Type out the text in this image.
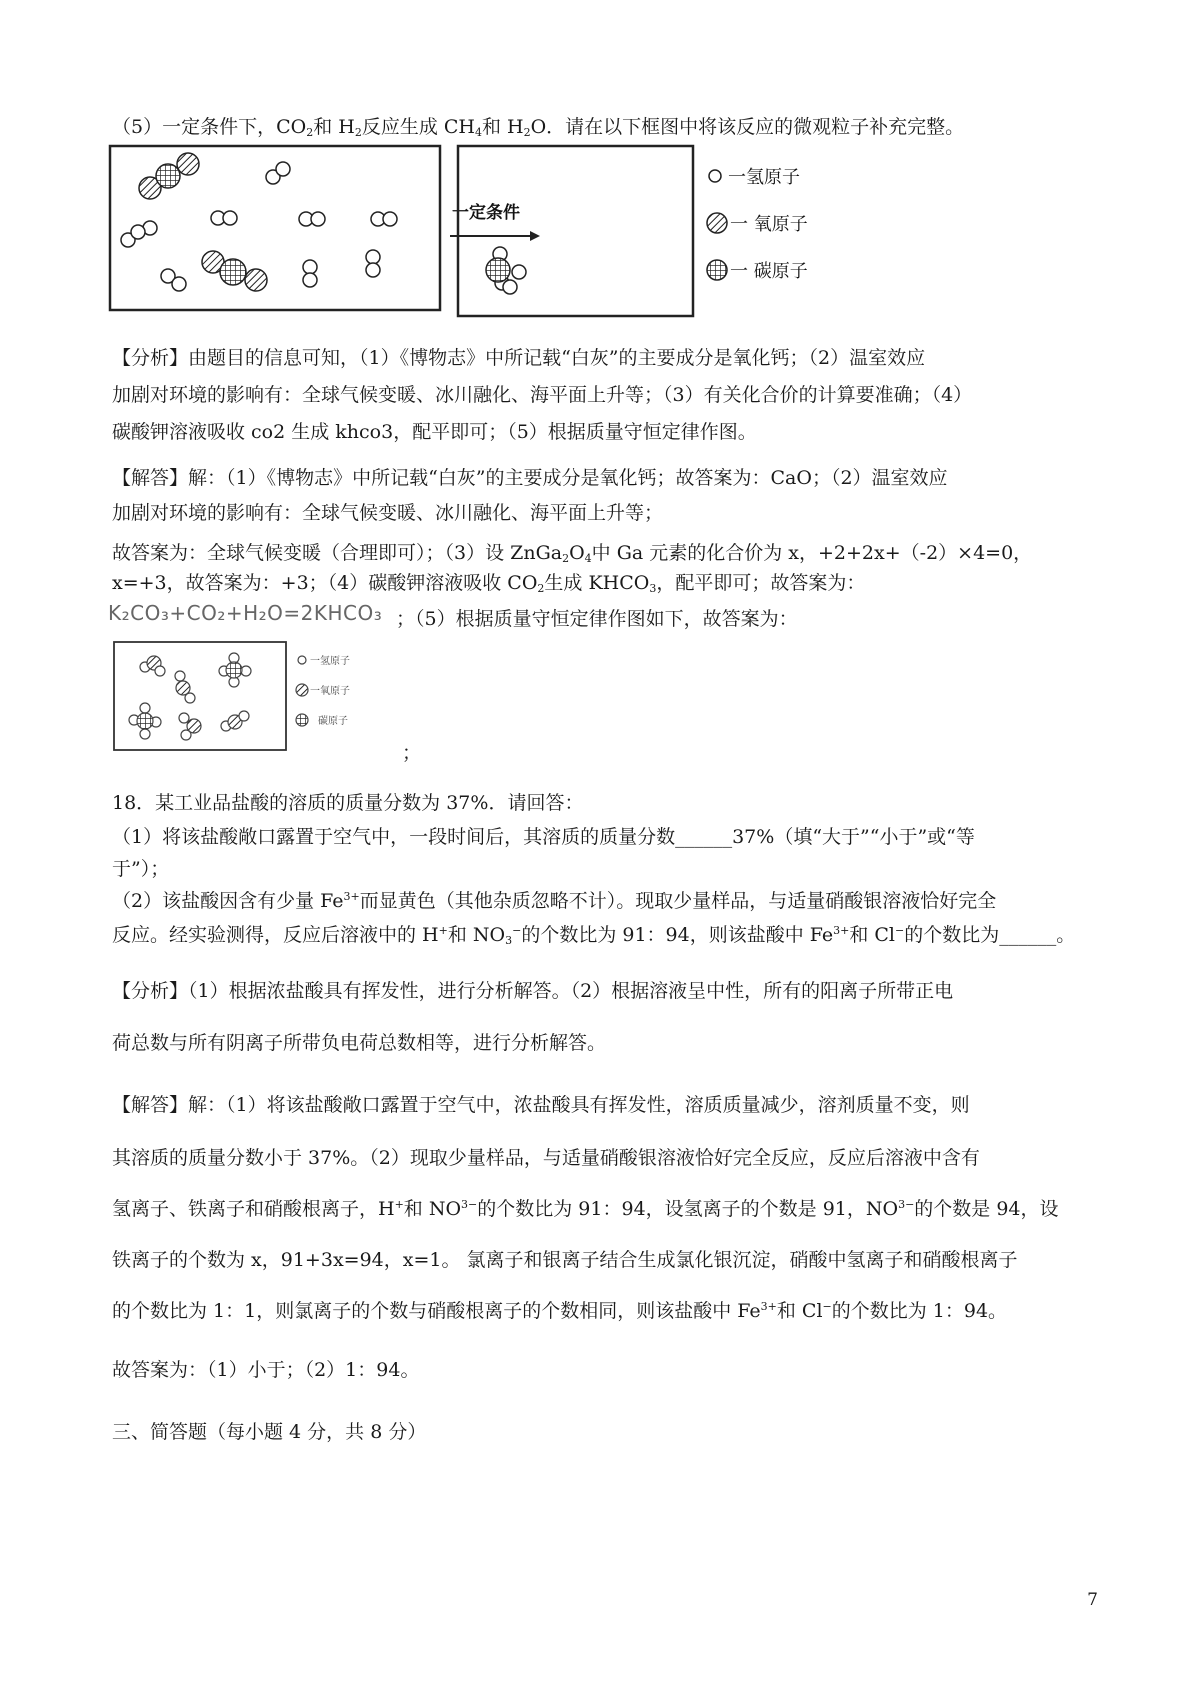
（5）一定条件下，$CO_2$和 $H_2$反应生成 $CH_4$和 $H_2O$．请在以下框图中将该反应的微观粒子补充完整。
一定条件
一氢原子
一 氧原子
一 碳原子
【分析】由题目的信息可知，（1）《博物志》中所记载“白灰”的主要成分是氧化钙；（2）温室效应
加剧对环境的影响有：全球气候变暖、冰川融化、海平面上升等；（3）有关化合价的计算要准确；（4）
碳酸钾溶液吸收 co2 生成 khco3，配平即可；（5）根据质量守恒定律作图。
【解答】解：（1）《博物志》中所记载“白灰”的主要成分是氧化钙；故答案为：CaO；（2）温室效应
加剧对环境的影响有：全球气候变暖、冰川融化、海平面上升等；
故答案为：全球气候变暖（合理即可）；（3）设 $ZnGa_2O_4$中 Ga 元素的化合价为 x，+2+2x+（-2）×4=0，
x=+3，故答案为：+3；（4）碳酸钾溶液吸收 $CO_2$生成 $KHCO_3$，配平即可；故答案为：
K₂CO₃+CO₂+H₂O=2KHCO₃ ；（5）根据质量守恒定律作图如下，故答案为：
一氢原子
一氧原子
碳原子
；
18．某工业品盐酸的溶质的质量分数为 37%．请回答：
（1）将该盐酸敞口露置于空气中，一段时间后，其溶质的质量分数______37%（填“大于”“小于”或“等
于”）；
（2）该盐酸因含有少量 $Fe^{3+}$而显黄色（其他杂质忽略不计）。现取少量样品，与适量硝酸银溶液恰好完全
反应。经实验测得，反应后溶液中的 H+和 $NO_3^-$的个数比为 91：94，则该盐酸中 $Fe^{3+}$和 Cl−的个数比为______。
【分析】（1）根据浓盐酸具有挥发性，进行分析解答。（2）根据溶液呈中性，所有的阳离子所带正电
荷总数与所有阴离子所带负电荷总数相等，进行分析解答。
【解答】解：（1）将该盐酸敞口露置于空气中，浓盐酸具有挥发性，溶质质量减少，溶剂质量不变，则
其溶质的质量分数小于 37%。（2）现取少量样品，与适量硝酸银溶液恰好完全反应，反应后溶液中含有
氢离子、铁离子和硝酸根离子，H+和 $NO^{3-}$的个数比为 91：94，设氢离子的个数是 91，$NO^{3-}$的个数是 94，设
铁离子的个数为 x，91+3x=94，x=1。 氯离子和银离子结合生成氯化银沉淀，硝酸中氢离子和硝酸根离子
的个数比为 1：1，则氯离子的个数与硝酸根离子的个数相同，则该盐酸中 $Fe^{3+}$和 Cl−的个数比为 1：94。
故答案为：（1）小于；（2）1：94。
三、简答题（每小题 4 分，共 8 分）
7
